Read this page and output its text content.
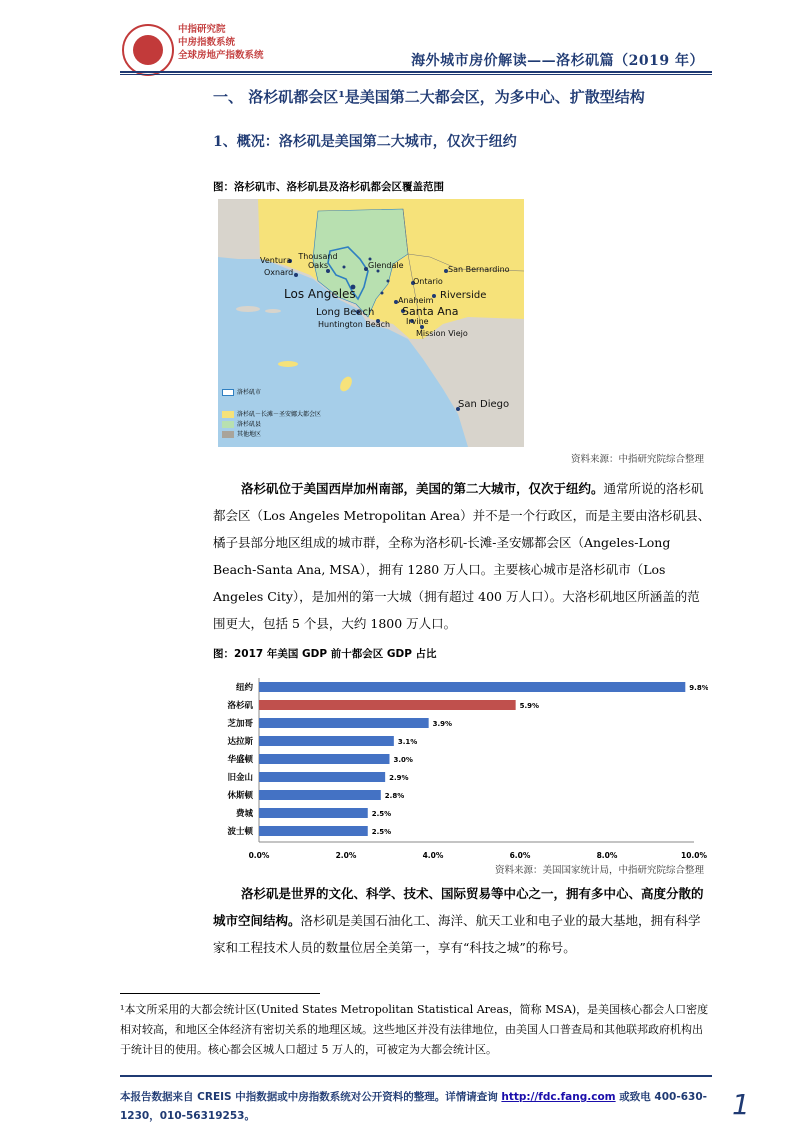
中指研究院
中房指数系统
全球房地产指数系统	海外城市房价解读——洛杉矶篇（2019 年）
一、 洛杉矶都会区¹是美国第二大都会区，为多中心、扩散型结构
1、概况：洛杉矶是美国第二大城市，仅次于纽约
图：洛杉矶市、洛杉矶县及洛杉矶都会区覆盖范围
Ventura
Oxnard
Thousand Oaks	Glendale
Los Angeles
San Bernardino
Ontario
Riverside
Anaheim
Santa Ana
Long Beach
Huntington Beach Irvine
Mission Viejo
San Diego
洛杉矶市
洛杉矶－长滩－圣安娜大都会区
洛杉矶县
其他地区
资料来源：中指研究院综合整理

洛杉矶位于美国西岸加州南部，美国的第二大城市，仅次于纽约。通常所说的洛杉矶都会区（Los Angeles Metropolitan Area）并不是一个行政区，而是主要由洛杉矶县、橘子县部分地区组成的城市群，全称为洛杉矶-长滩-圣安娜都会区（Angeles-Long Beach-Santa Ana, MSA），拥有 1280 万人口。主要核心城市是洛杉矶市（Los Angeles City），是加州的第一大城（拥有超过 400 万人口）。大洛杉矶地区所涵盖的范围更大，包括 5 个县，大约 1800 万人口。

图：2017 年美国 GDP 前十都会区 GDP 占比
纽约	9.8%
洛杉矶	5.9%
芝加哥	3.9%
达拉斯	3.1%
华盛顿	3.0%
旧金山	2.9%
休斯顿	2.8%
费城	2.5%
波士顿	2.5%
0.0%	2.0%	4.0%	6.0%	8.0%	10.0%
资料来源：美国国家统计局，中指研究院综合整理

洛杉矶是世界的文化、科学、技术、国际贸易等中心之一，拥有多中心、高度分散的城市空间结构。洛杉矶是美国石油化工、海洋、航天工业和电子业的最大基地，拥有科学家和工程技术人员的数量位居全美第一，享有“科技之城”的称号。

¹本文所采用的大都会统计区(United States Metropolitan Statistical Areas，简称 MSA)，是美国核心都会人口密度相对较高，和地区全体经济有密切关系的地理区域。这些地区并没有法律地位，由美国人口普查局和其他联邦政府机构出于统计目的使用。核心都会区城人口超过 5 万人的，可被定为大都会统计区。
本报告数据来自 CREIS 中指数据或中房指数系统对公开资料的整理。详情请查询 http://fdc.fang.com 或致电 400-630-1230，010-56319253。	1
